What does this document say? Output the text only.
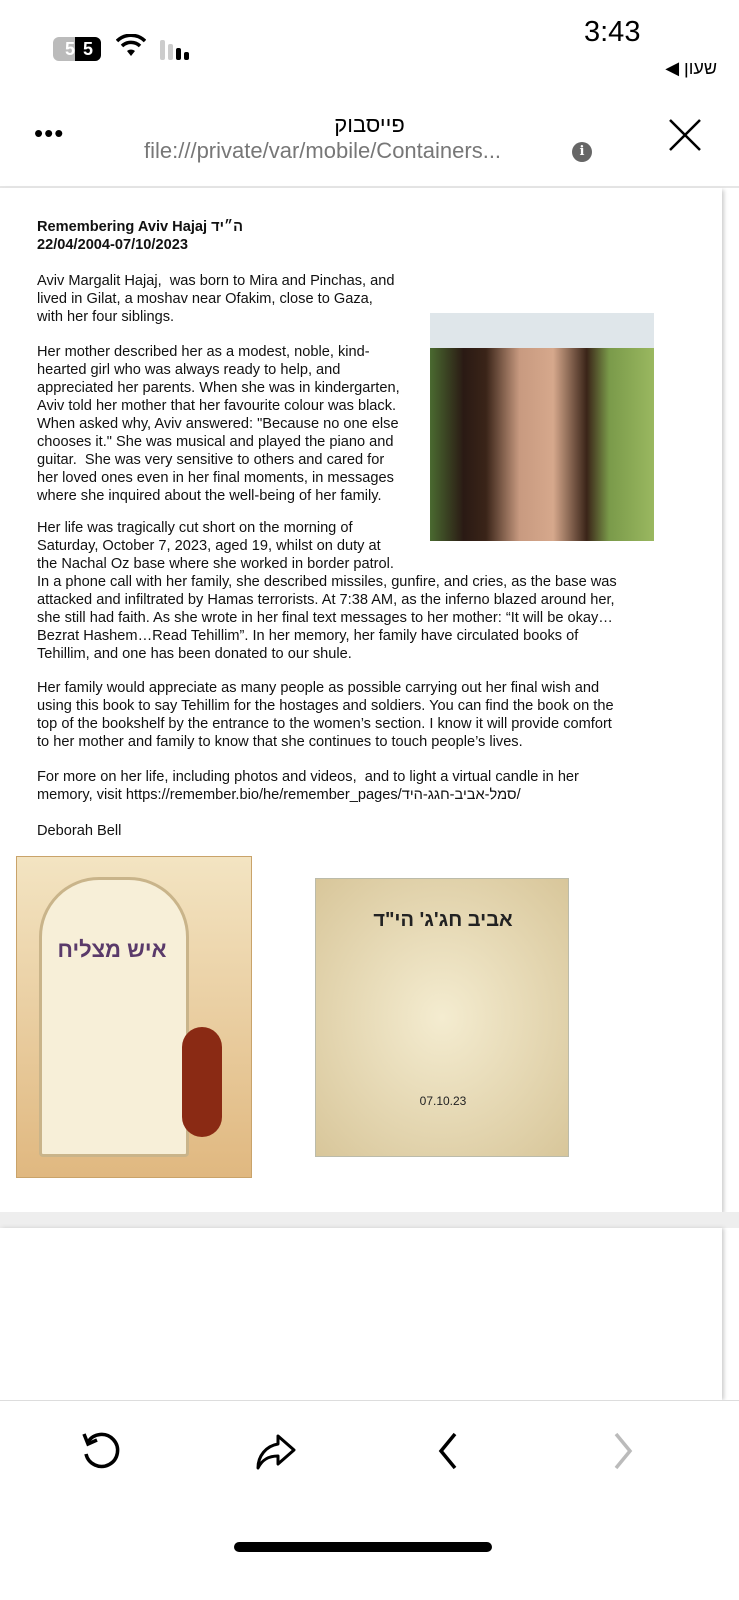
5 5
3:43
◀ שעון
•••	פייסבוק
file:///private/var/mobile/Containers...	i
Remembering Aviv Hajaj ה״יד
22/04/2004-07/10/2023
Aviv Margalit Hajaj,  was born to Mira and Pinchas, and
lived in Gilat, a moshav near Ofakim, close to Gaza,
with her four siblings.
Her mother described her as a modest, noble, kind-
hearted girl who was always ready to help, and
appreciated her parents. When she was in kindergarten,
Aviv told her mother that her favourite colour was black.
When asked why, Aviv answered: "Because no one else
chooses it." She was musical and played the piano and
guitar.  She was very sensitive to others and cared for
her loved ones even in her final moments, in messages
where she inquired about the well-being of her family.
Her life was tragically cut short on the morning of
Saturday, October 7, 2023, aged 19, whilst on duty at
the Nachal Oz base where she worked in border patrol.
In a phone call with her family, she described missiles, gunfire, and cries, as the base was
attacked and infiltrated by Hamas terrorists. At 7:38 AM, as the inferno blazed around her,
she still had faith. As she wrote in her final text messages to her mother: “It will be okay…
Bezrat Hashem…Read Tehillim”. In her memory, her family have circulated books of
Tehillim, and one has been donated to our shule.
Her family would appreciate as many people as possible carrying out her final wish and
using this book to say Tehillim for the hostages and soldiers. You can find the book on the
top of the bookshelf by the entrance to the women’s section. I know it will provide comfort
to her mother and family to know that she continues to touch people’s lives.
For more on her life, including photos and videos,  and to light a virtual candle in her
memory, visit https://remember.bio/he/remember_pages/סמל-אביב-חגג-היד/
Deborah Bell
איש מצליח
אביב חג'ג' הי"ד
07.10.23
